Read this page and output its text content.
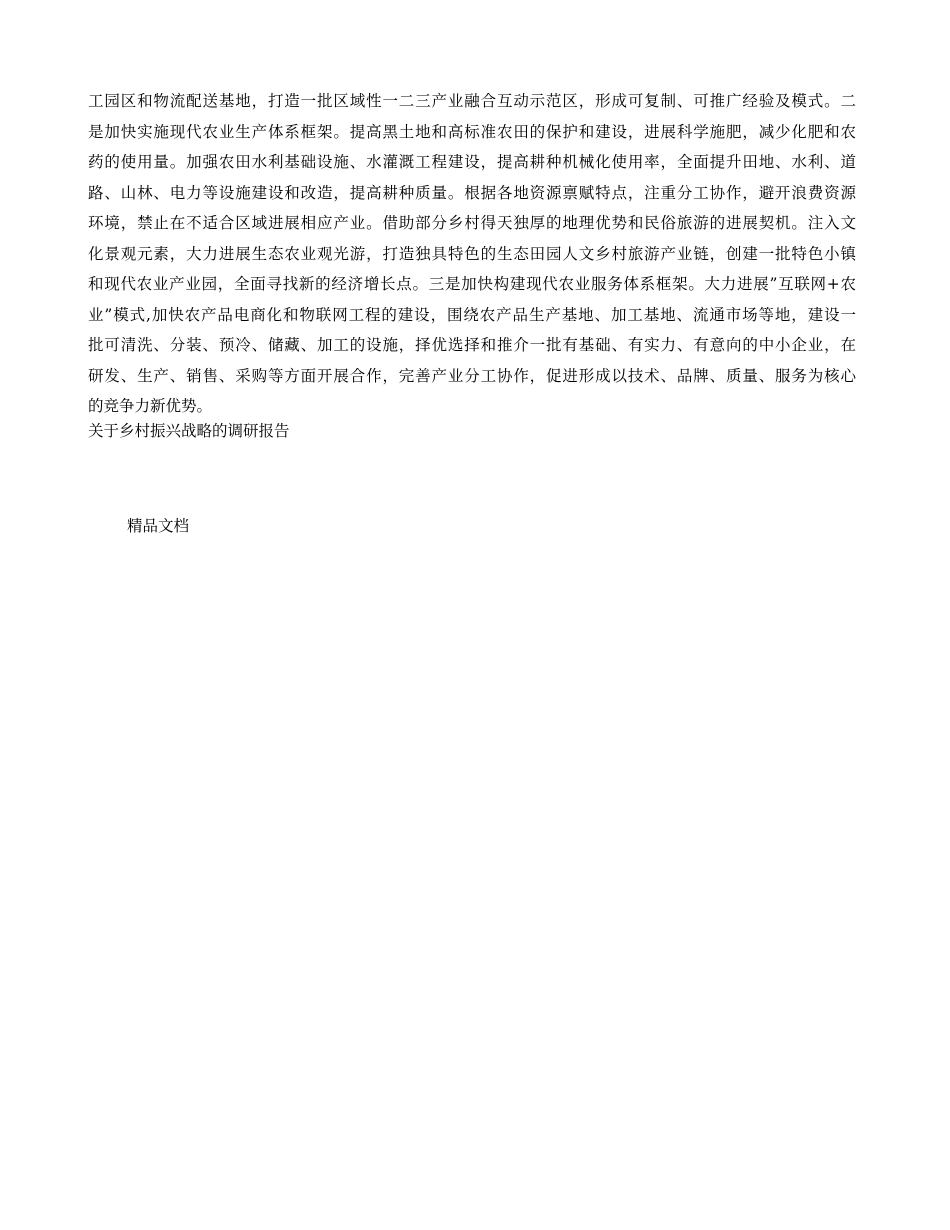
工园区和物流配送基地，打造一批区域性一二三产业融合互动示范区，形成可复制、可推广经验及模式。二
是加快实施现代农业生产体系框架。提高黑土地和高标准农田的保护和建设，进展科学施肥，减少化肥和农
药的使用量。加强农田水利基础设施、水灌溉工程建设，提高耕种机械化使用率，全面提升田地、水利、道
路、山林、电力等设施建设和改造，提高耕种质量。根据各地资源禀赋特点，注重分工协作，避开浪费资源
环境，禁止在不适合区域进展相应产业。借助部分乡村得天独厚的地理优势和民俗旅游的进展契机。注入文
化景观元素，大力进展生态农业观光游，打造独具特色的生态田园人文乡村旅游产业链，创建一批特色小镇
和现代农业产业园，全面寻找新的经济增长点。三是加快构建现代农业服务体系框架。大力进展”互联网+农
业”模式,加快农产品电商化和物联网工程的建设，围绕农产品生产基地、加工基地、流通市场等地，建设一
批可清洗、分装、预冷、储藏、加工的设施，择优选择和推介一批有基础、有实力、有意向的中小企业，在
研发、生产、销售、采购等方面开展合作，完善产业分工协作，促进形成以技术、品牌、质量、服务为核心
的竞争力新优势。
关于乡村振兴战略的调研报告
精品文档
